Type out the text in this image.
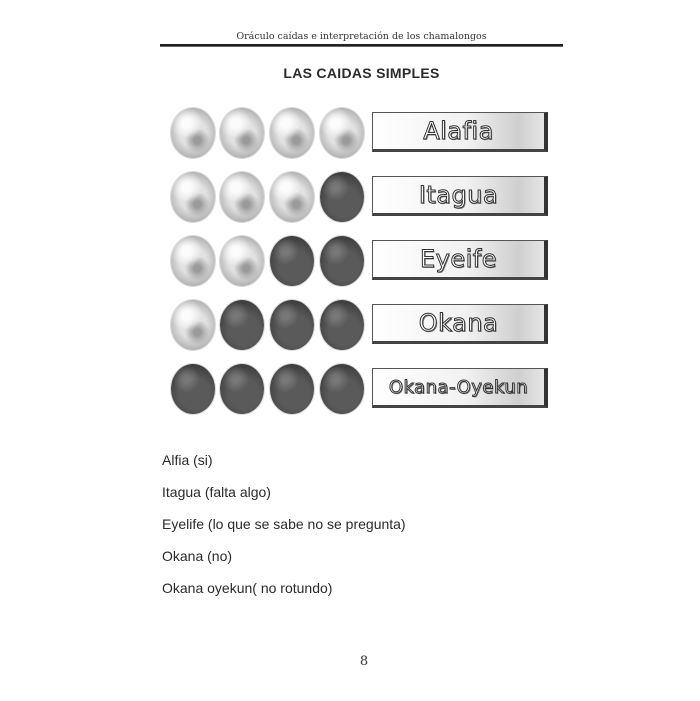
Oráculo caídas e interpretación de los chamalongos
LAS CAIDAS SIMPLES
Alafia
Itagua
Eyeife
Okana
Okana-Oyekun
Alfia (si)
Itagua (falta algo)
Eyelife (lo que se sabe no se pregunta)
Okana (no)
Okana oyekun( no rotundo)
8
